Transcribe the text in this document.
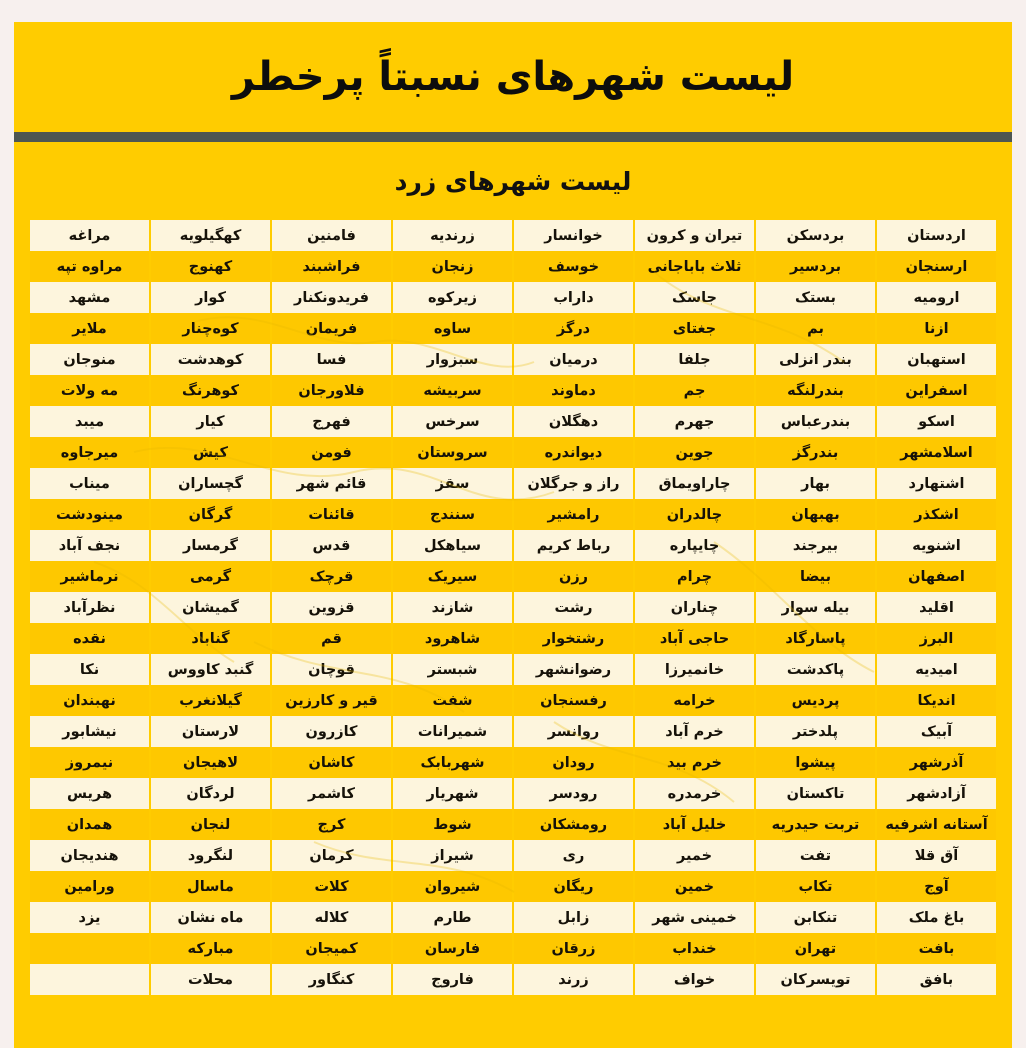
لیست شهرهای نسبتاً پرخطر
لیست شهرهای زرد
اردستان	بردسکن	تیران و کرون	خوانسار	زرندیه	فامنین	کهگیلویه	مراغه
ارسنجان	بردسیر	ثلاث باباجانی	خوسف	زنجان	فراشبند	کهنوج	مراوه تپه
ارومیه	بستک	جاسک	داراب	زیرکوه	فریدونکنار	کوار	مشهد
ازنا	بم	جغتای	درگز	ساوه	فریمان	کوه‌چنار	ملایر
استهبان	بندر انزلی	جلفا	درمیان	سبزوار	فسا	کوهدشت	منوجان
اسفراین	بندرلنگه	جم	دماوند	سربیشه	فلاورجان	کوهرنگ	مه ولات
اسکو	بندرعباس	جهرم	دهگلان	سرخس	فهرج	کیار	میبد
اسلامشهر	بندرگز	جوین	دیواندره	سروستان	فومن	کیش	میرجاوه
اشتهارد	بهار	چاراویماق	راز و جرگلان	سقز	قائم شهر	گچساران	میناب
اشکذر	بهبهان	چالدران	رامشیر	سنندج	قائنات	گرگان	مینودشت
اشنویه	بیرجند	چایپاره	رباط کریم	سیاهکل	قدس	گرمسار	نجف آباد
اصفهان	بیضا	چرام	رزن	سیریک	قرچک	گرمی	نرماشیر
اقلید	بیله سوار	چناران	رشت	شازند	قزوین	گمیشان	نظرآباد
البرز	پاسارگاد	حاجی آباد	رشتخوار	شاهرود	قم	گناباد	نقده
امیدیه	پاکدشت	خانمیرزا	رضوانشهر	شبستر	قوچان	گنبد کاووس	نکا
اندیکا	پردیس	خرامه	رفسنجان	شفت	قیر و کارزین	گیلانغرب	نهبندان
آبیک	پلدختر	خرم آباد	روانسر	شمیرانات	کازرون	لارستان	نیشابور
آذرشهر	پیشوا	خرم بید	رودان	شهربابک	کاشان	لاهیجان	نیمروز
آزادشهر	تاکستان	خرمدره	رودسر	شهریار	کاشمر	لردگان	هریس
آستانه اشرفیه	تربت حیدریه	خلیل آباد	رومشکان	شوط	کرج	لنجان	همدان
آق قلا	تفت	خمیر	ری	شیراز	کرمان	لنگرود	هندیجان
آوج	تکاب	خمین	ریگان	شیروان	کلات	ماسال	ورامین
باغ ملک	تنکابن	خمینی شهر	زابل	طارم	کلاله	ماه نشان	یزد
بافت	تهران	خنداب	زرقان	فارسان	کمیجان	مبارکه	
بافق	تویسرکان	خواف	زرند	فاروج	کنگاور	محلات	
